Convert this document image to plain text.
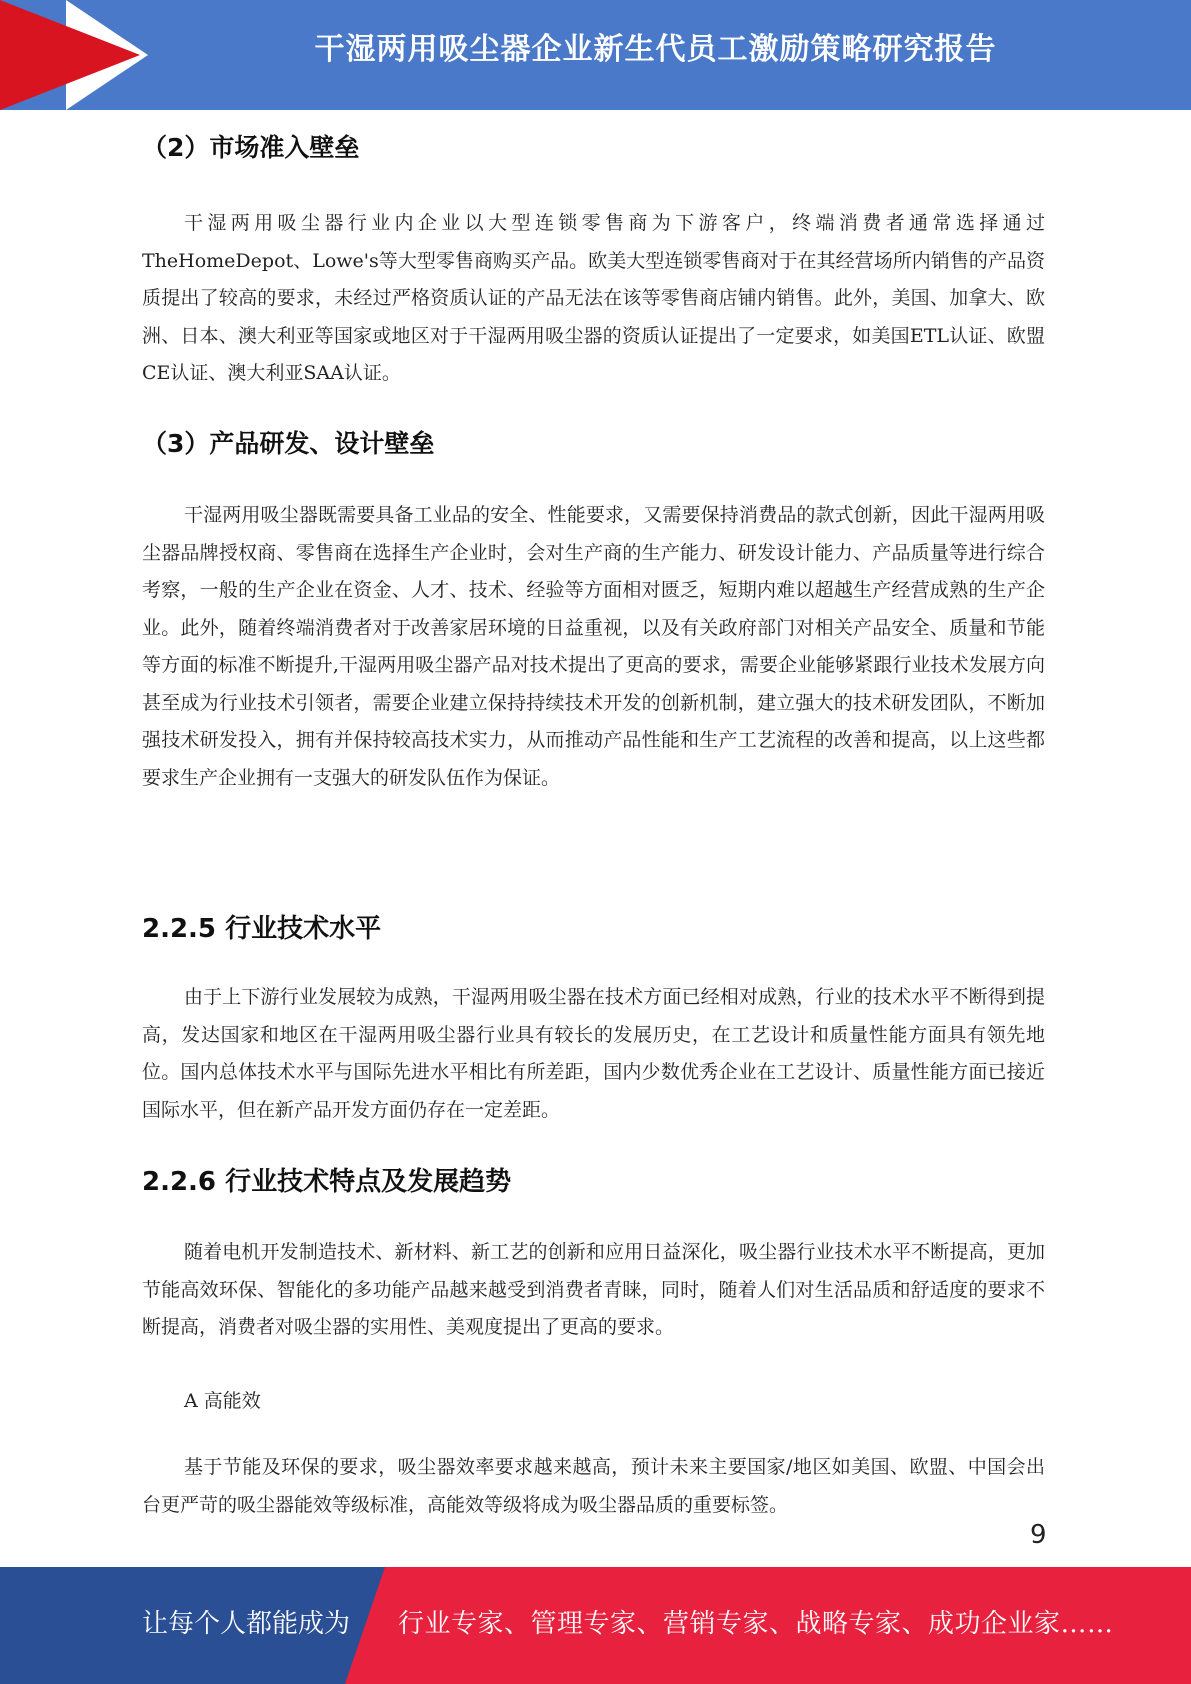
干湿两用吸尘器企业新生代员工激励策略研究报告
（2）市场准入壁垒

干湿两用吸尘器行业内企业以大型连锁零售商为下游客户，终端消费者通常选择通过TheHomeDepot、Lowe's等大型零售商购买产品。欧美大型连锁零售商对于在其经营场所内销售的产品资质提出了较高的要求，未经过严格资质认证的产品无法在该等零售商店铺内销售。此外，美国、加拿大、欧洲、日本、澳大利亚等国家或地区对于干湿两用吸尘器的资质认证提出了一定要求，如美国ETL认证、欧盟CE认证、澳大利亚SAA认证。

（3）产品研发、设计壁垒

干湿两用吸尘器既需要具备工业品的安全、性能要求，又需要保持消费品的款式创新，因此干湿两用吸尘器品牌授权商、零售商在选择生产企业时，会对生产商的生产能力、研发设计能力、产品质量等进行综合考察，一般的生产企业在资金、人才、技术、经验等方面相对匮乏，短期内难以超越生产经营成熟的生产企业。此外，随着终端消费者对于改善家居环境的日益重视，以及有关政府部门对相关产品安全、质量和节能等方面的标准不断提升,干湿两用吸尘器产品对技术提出了更高的要求，需要企业能够紧跟行业技术发展方向甚至成为行业技术引领者，需要企业建立保持持续技术开发的创新机制，建立强大的技术研发团队，不断加强技术研发投入，拥有并保持较高技术实力，从而推动产品性能和生产工艺流程的改善和提高，以上这些都要求生产企业拥有一支强大的研发队伍作为保证。

2.2.5 行业技术水平

由于上下游行业发展较为成熟，干湿两用吸尘器在技术方面已经相对成熟，行业的技术水平不断得到提高，发达国家和地区在干湿两用吸尘器行业具有较长的发展历史，在工艺设计和质量性能方面具有领先地位。国内总体技术水平与国际先进水平相比有所差距，国内少数优秀企业在工艺设计、质量性能方面已接近国际水平，但在新产品开发方面仍存在一定差距。

2.2.6 行业技术特点及发展趋势

随着电机开发制造技术、新材料、新工艺的创新和应用日益深化，吸尘器行业技术水平不断提高，更加节能高效环保、智能化的多功能产品越来越受到消费者青睐，同时，随着人们对生活品质和舒适度的要求不断提高，消费者对吸尘器的实用性、美观度提出了更高的要求。

A 高能效

基于节能及环保的要求，吸尘器效率要求越来越高，预计未来主要国家/地区如美国、欧盟、中国会出台更严苛的吸尘器能效等级标准，高能效等级将成为吸尘器品质的重要标签。

9
让每个人都能成为 行业专家、管理专家、营销专家、战略专家、成功企业家……
